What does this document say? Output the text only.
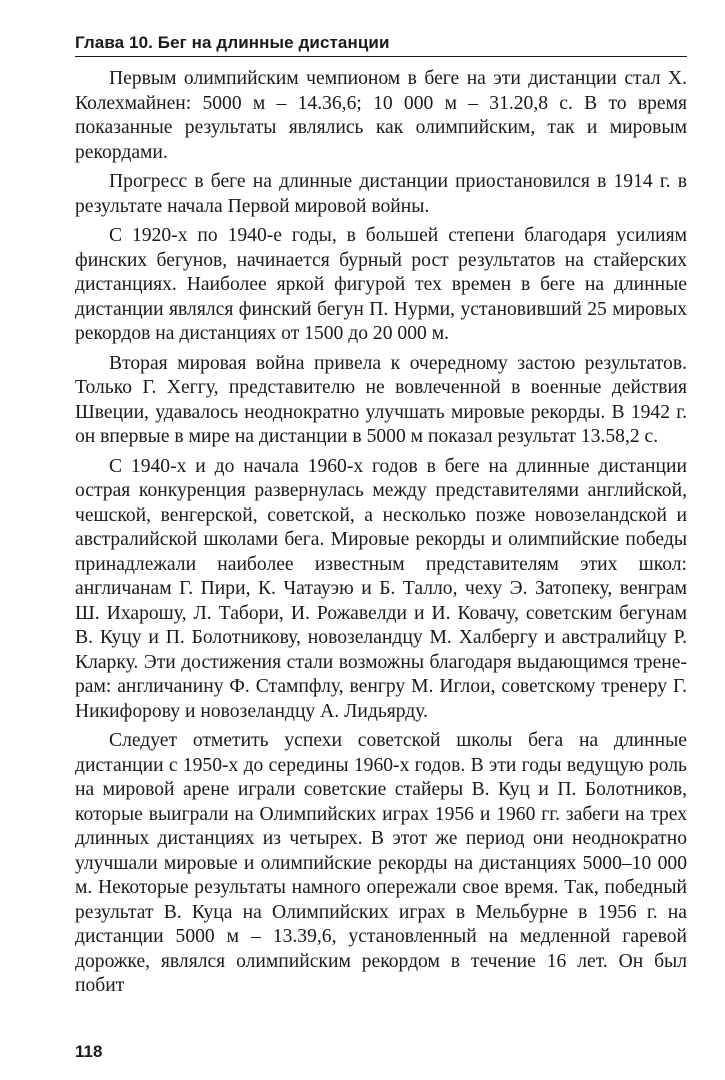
Глава 10. Бег на длинные дистанции

Первым олимпийским чемпионом в беге на эти дистанции стал Х. Колехмайнен: 5000 м – 14.36,6; 10 000 м – 31.20,8 с. В то время показанные результаты являлись как олимпийским, так и мировым рекордами.

Прогресс в беге на длинные дистанции приостановился в 1914 г. в результате начала Первой мировой войны.

С 1920-х по 1940-е годы, в большей степени благодаря усилиям финских бегунов, начинается бурный рост результатов на стайерских дистанциях. Наиболее яркой фигурой тех времен в беге на длинные дистанции являлся финский бегун П. Нурми, установивший 25 мировых рекордов на дистанциях от 1500 до 20 000 м.

Вторая мировая война привела к очередному застою результатов. Только Г. Хеггу, представителю не вовлеченной в военные действия Швеции, удавалось неоднократно улучшать мировые рекорды. В 1942 г. он впервые в мире на дистанции в 5000 м показал результат 13.58,2 с.

С 1940-х и до начала 1960-х годов в беге на длинные дистанции острая конкуренция развернулась между представителями английской, чешской, венгерской, советской, а несколько позже новозеландской и австралийской школами бега. Мировые рекорды и олимпийские победы принадлежали наиболее известным представителям этих школ: англичанам Г. Пири, К. Чатауэю и Б. Талло, чеху Э. Затопеку, венграм Ш. Ихарошу, Л. Табори, И. Рожавелди и И. Ковачу, советским бегунам В. Куцу и П. Болотникову, новозеландцу М. Халбергу и австралийцу Р. Кларку. Эти достижения стали возможны благодаря выдающимся тренерам: англичанину Ф. Стампфлу, венгру М. Иглои, советскому тренеру Г. Никифорову и новозеландцу А. Лидьярду.

Следует отметить успехи советской школы бега на длинные дистанции с 1950-х до середины 1960-х годов. В эти годы ведущую роль на мировой арене играли советские стайеры В. Куц и П. Болотников, которые выиграли на Олимпийских играх 1956 и 1960 гг. забеги на трех длинных дистанциях из четырех. В этот же период они неоднократно улучшали мировые и олимпийские рекорды на дистанциях 5000–10 000 м. Некоторые результаты намного опережали свое время. Так, победный результат В. Куца на Олимпийских играх в Мельбурне в 1956 г. на дистанции 5000 м – 13.39,6, установленный на медленной гаревой дорожке, являлся олимпийским рекордом в течение 16 лет. Он был побит

118
